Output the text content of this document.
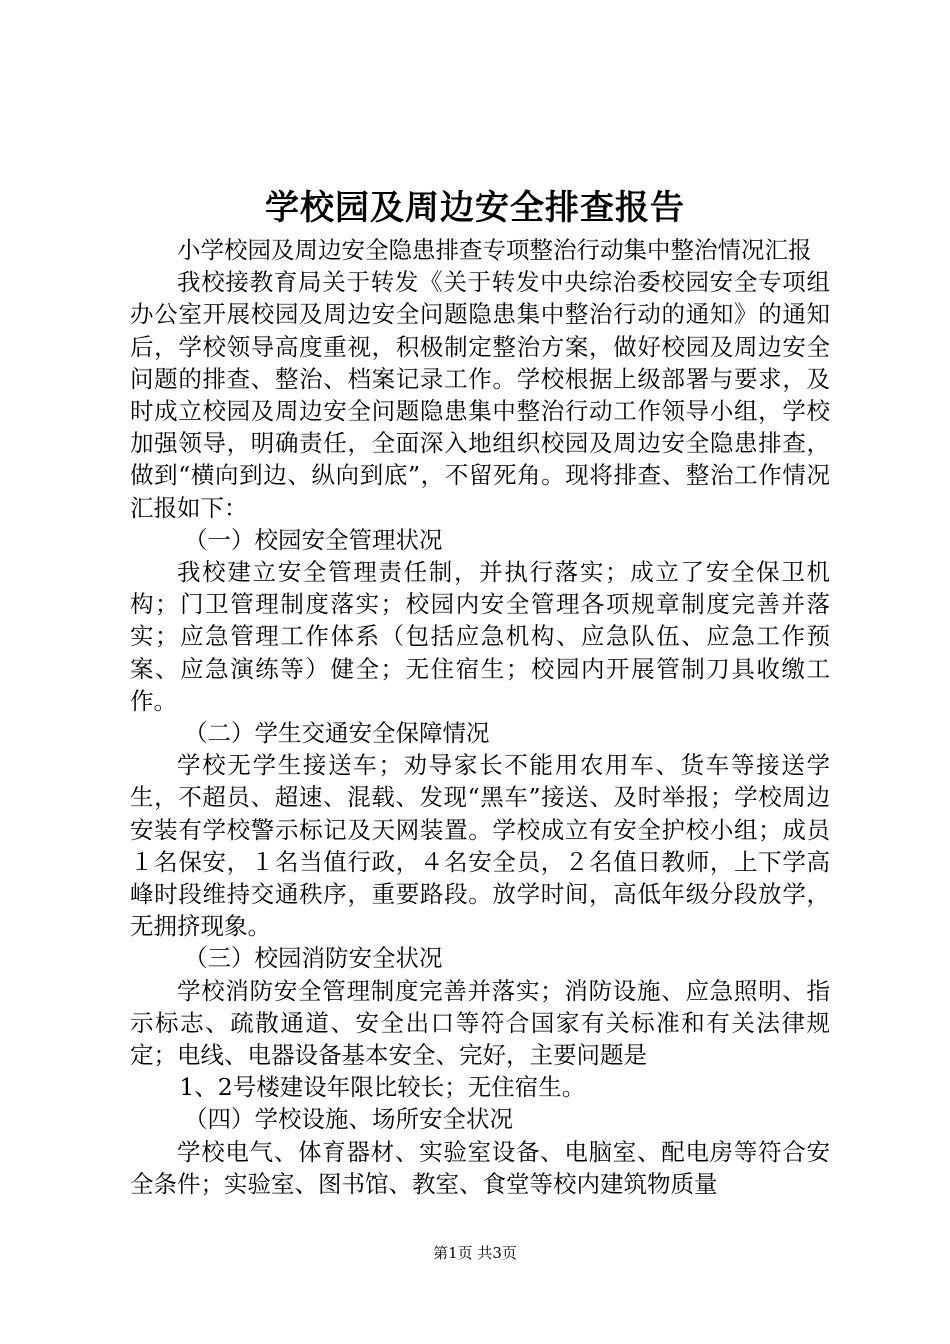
学校园及周边安全排查报告

小学校园及周边安全隐患排查专项整治行动集中整治情况汇报

我校接教育局关于转发《关于转发中央综治委校园安全专项组办公室开展校园及周边安全问题隐患集中整治行动的通知》的通知后，学校领导高度重视，积极制定整治方案，做好校园及周边安全问题的排查、整治、档案记录工作。学校根据上级部署与要求，及时成立校园及周边安全问题隐患集中整治行动工作领导小组，学校加强领导，明确责任，全面深入地组织校园及周边安全隐患排查，做到“横向到边、纵向到底”，不留死角。现将排查、整治工作情况汇报如下：

（一）校园安全管理状况

我校建立安全管理责任制，并执行落实；成立了安全保卫机构；门卫管理制度落实；校园内安全管理各项规章制度完善并落实；应急管理工作体系（包括应急机构、应急队伍、应急工作预案、应急演练等）健全；无住宿生；校园内开展管制刀具收缴工作。

（二）学生交通安全保障情况

学校无学生接送车；劝导家长不能用农用车、货车等接送学生，不超员、超速、混载、发现“黑车”接送、及时举报；学校周边安装有学校警示标记及天网装置。学校成立有安全护校小组；成员１名保安，１名当值行政，４名安全员，２名值日教师，上下学高峰时段维持交通秩序，重要路段。放学时间，高低年级分段放学，无拥挤现象。

（三）校园消防安全状况

学校消防安全管理制度完善并落实；消防设施、应急照明、指示标志、疏散通道、安全出口等符合国家有关标准和有关法律规定；电线、电器设备基本安全、完好，主要问题是

1、2号楼建设年限比较长；无住宿生。

（四）学校设施、场所安全状况

学校电气、体育器材、实验室设备、电脑室、配电房等符合安全条件；实验室、图书馆、教室、食堂等校内建筑物质量

第1页 共3页
